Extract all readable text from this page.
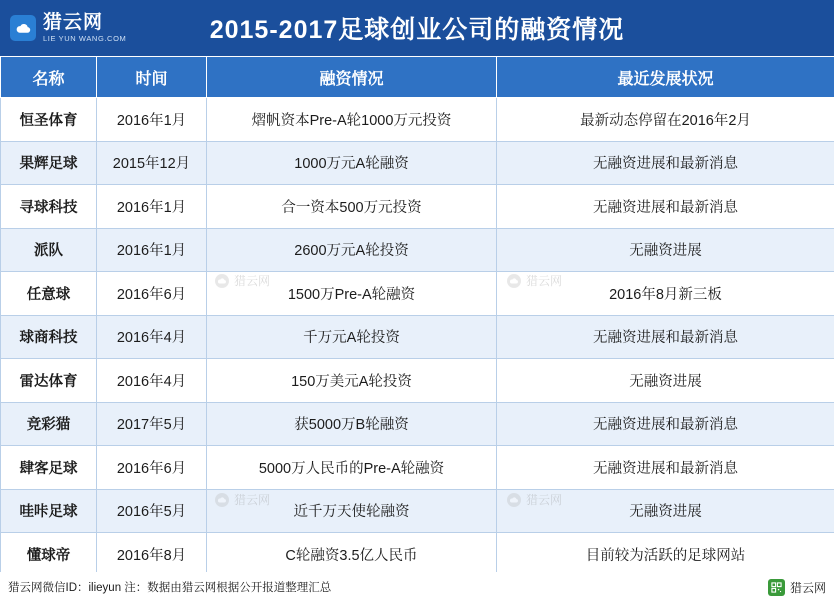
猎云网
LIE YUN WANG.COM	2015-2017足球创业公司的融资情况
名称	时间	融资情况	最近发展状况
恒圣体育	2016年1月	熠帆资本Pre-A轮1000万元投资	最新动态停留在2016年2月
果辉足球	2015年12月	1000万元A轮融资	无融资进展和最新消息
寻球科技	2016年1月	合一资本500万元投资	无融资进展和最新消息
派队	2016年1月	2600万元A轮投资	无融资进展
任意球	2016年6月	1500万Pre-A轮融资	2016年8月新三板
球商科技	2016年4月	千万元A轮投资	无融资进展和最新消息
雷达体育	2016年4月	150万美元A轮投资	无融资进展
竞彩猫	2017年5月	获5000万B轮融资	无融资进展和最新消息
肆客足球	2016年6月	5000万人民币的Pre-A轮融资	无融资进展和最新消息
哇咔足球	2016年5月	近千万天使轮融资	无融资进展
懂球帝	2016年8月	C轮融资3.5亿人民币	目前较为活跃的足球网站
猎云网	猎云网
猎云网	猎云网
猎云网微信ID：ilieyun 注：数据由猎云网根据公开报道整理汇总	猎云网
